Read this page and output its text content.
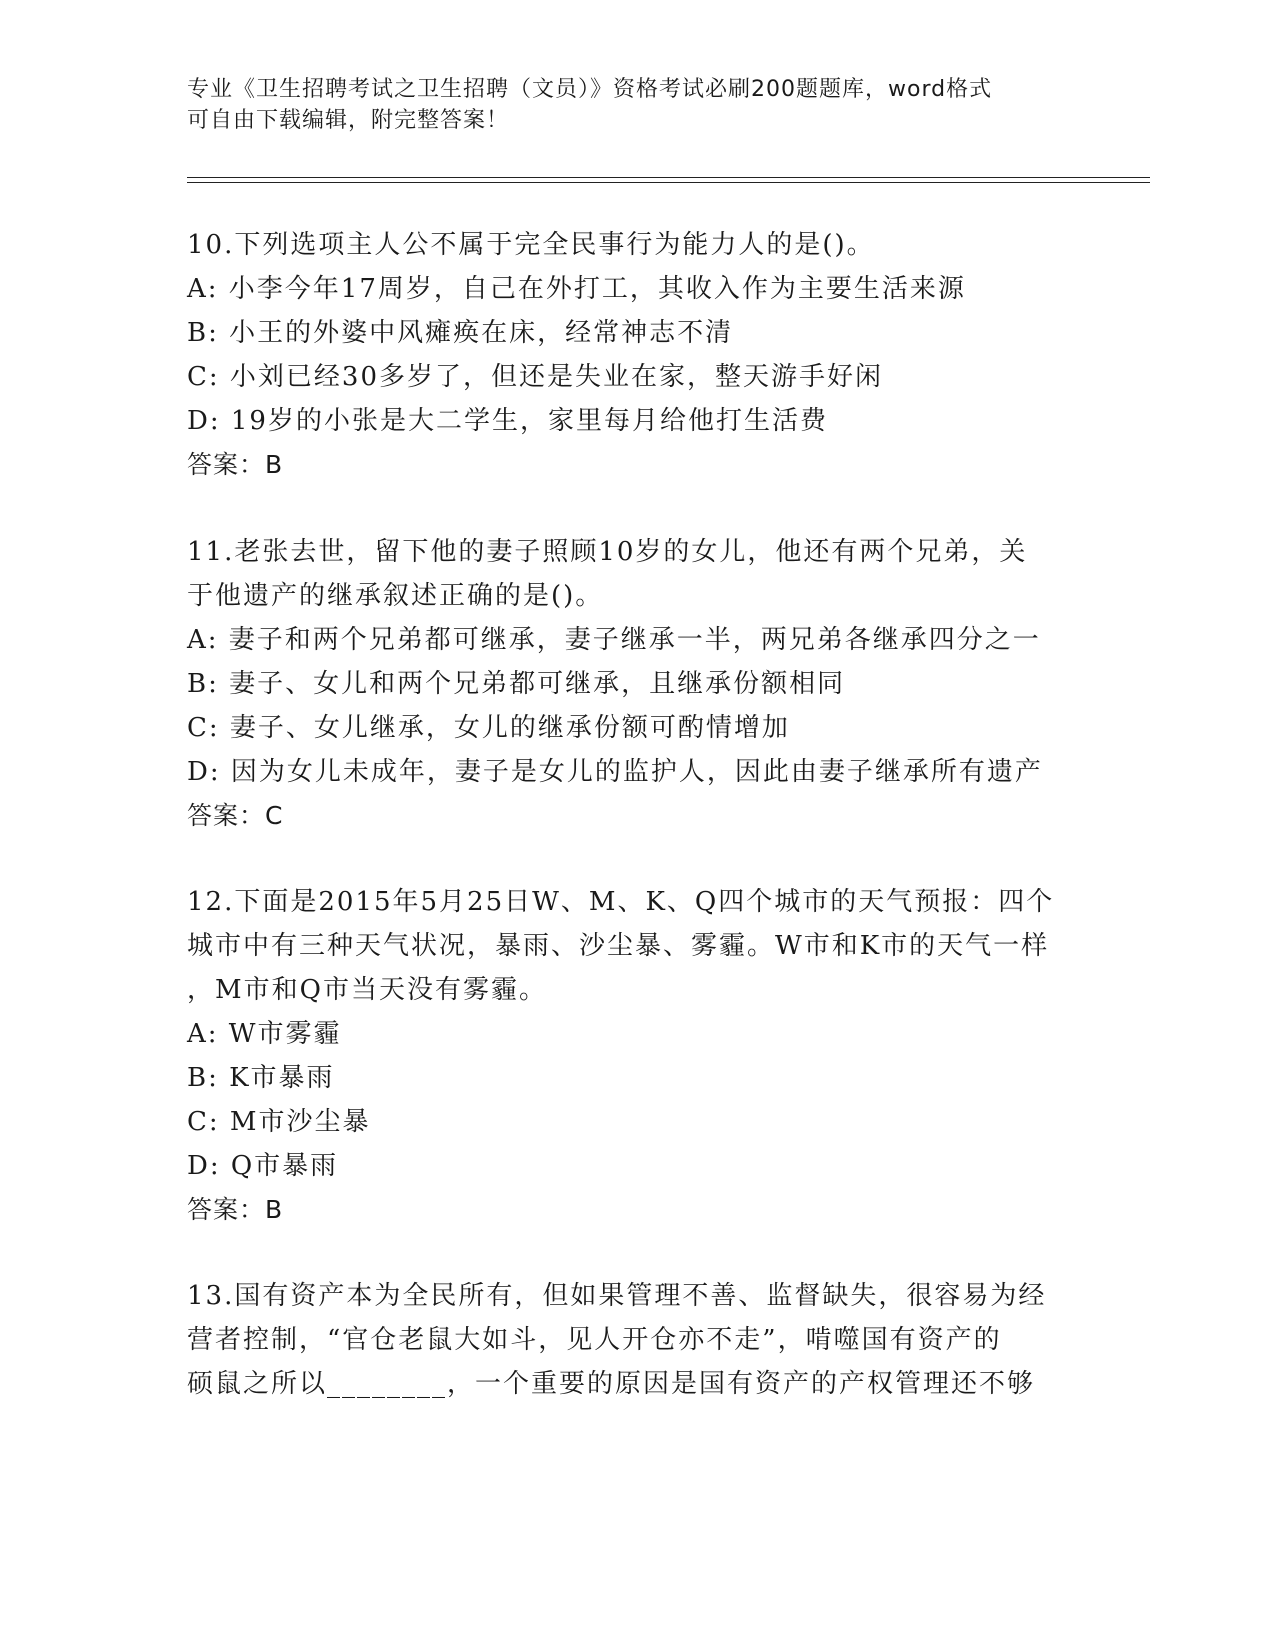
专业《卫生招聘考试之卫生招聘（文员）》资格考试必刷200题题库，word格式
可自由下载编辑，附完整答案！
10.下列选项主人公不属于完全民事行为能力人的是()。
A: 小李今年17周岁，自己在外打工，其收入作为主要生活来源
B: 小王的外婆中风瘫痪在床，经常神志不清
C: 小刘已经30多岁了，但还是失业在家，整天游手好闲
D: 19岁的小张是大二学生，家里每月给他打生活费
答案：B
11.老张去世，留下他的妻子照顾10岁的女儿，他还有两个兄弟，关
于他遗产的继承叙述正确的是()。
A: 妻子和两个兄弟都可继承，妻子继承一半，两兄弟各继承四分之一
B: 妻子、女儿和两个兄弟都可继承，且继承份额相同
C: 妻子、女儿继承，女儿的继承份额可酌情增加
D: 因为女儿未成年，妻子是女儿的监护人，因此由妻子继承所有遗产
答案：C
12.下面是2015年5月25日W、M、K、Q四个城市的天气预报：四个
城市中有三种天气状况，暴雨、沙尘暴、雾霾。W市和K市的天气一样
，M市和Q市当天没有雾霾。
A: W市雾霾
B: K市暴雨
C: M市沙尘暴
D: Q市暴雨
答案：B
13.国有资产本为全民所有，但如果管理不善、监督缺失，很容易为经
营者控制，“官仓老鼠大如斗，见人开仓亦不走”，啃噬国有资产的
硕鼠之所以________，一个重要的原因是国有资产的产权管理还不够
